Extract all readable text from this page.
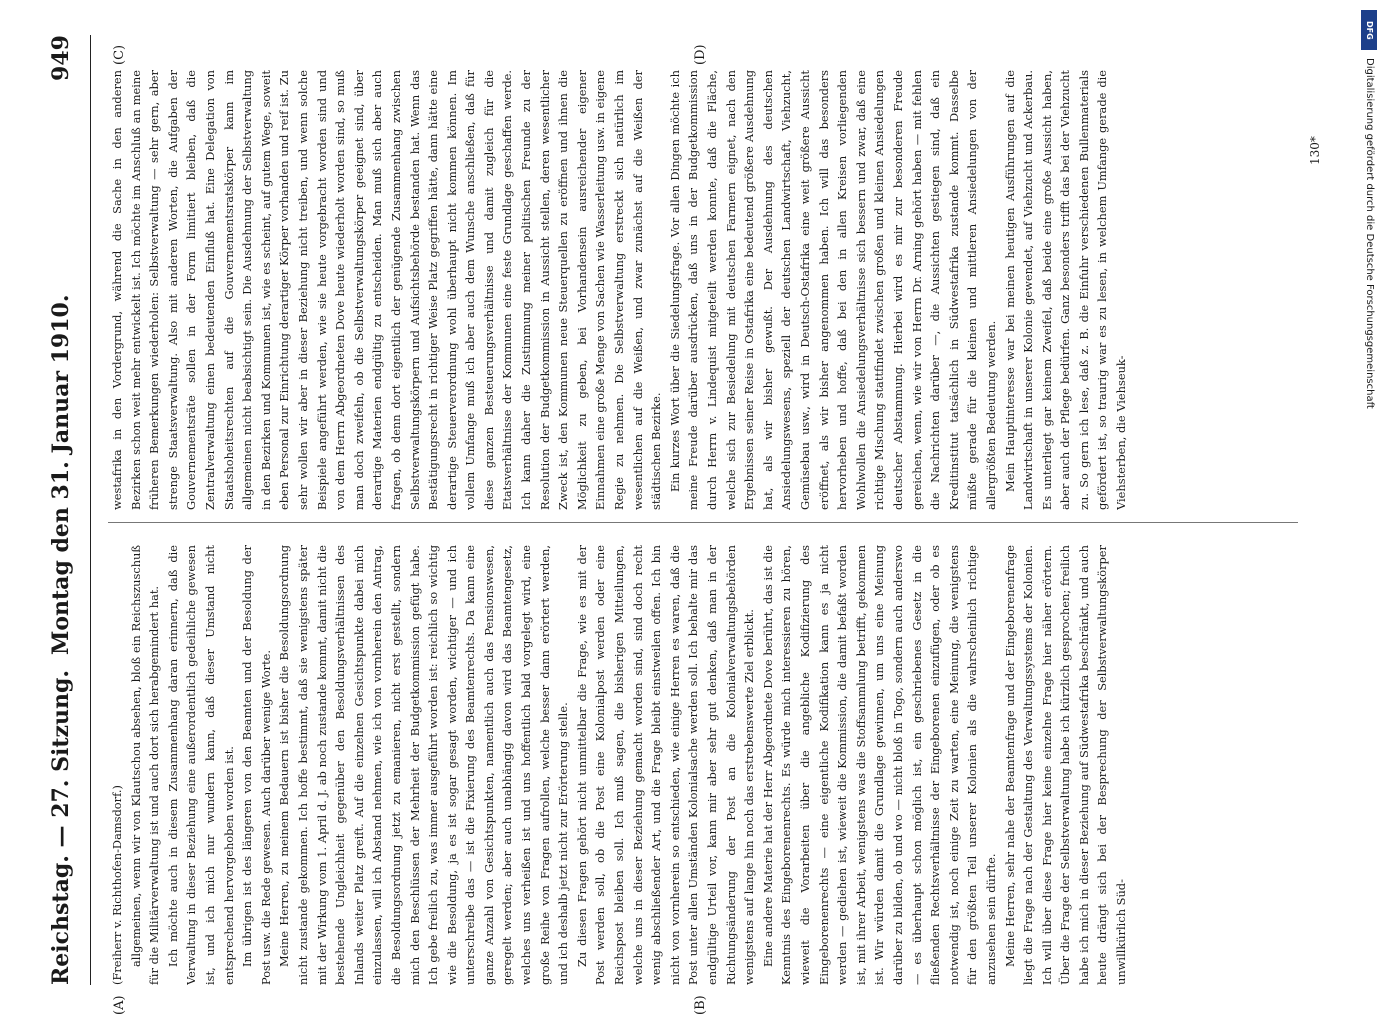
Reichstag. — 27. Sitzung.
Montag den 31. Januar 1910.
949

(Freiherr v. Richthofen-Damsdorf.) allgemeinen, wenn wir von Klautschou absehen, bloß ein Reichszuschuß für die Militärverwaltung ist und auch dort sich herabgemindert hat. Ich möchte auch in diesem Zusammenhang daran erinnern, daß die Verwaltung in dieser Beziehung eine außerordentlich gedeihliche gewesen ist, und ich mich nur wundern kann, daß dieser Umstand nicht entsprechend hervorgehoben worden ist. Im übrigen ist des längeren von den Beamten und der Besoldung der Post usw. die Rede gewesen. Auch darüber wenige Worte. Meine Herren, zu meinem Bedauern ist bisher die Besoldungsordnung nicht zustande gekommen. Ich hoffe bestimmt, daß sie wenigstens später mit der Wirkung vom 1. April d. J. ab noch zustande kommt, damit nicht die bestehende Ungleichheit gegenüber den Besoldungsverhältnissen des Inlands weiter Platz greift. Auf die einzelnen Gesichtspunkte dabei mich einzulassen, will ich Abstand nehmen, wie ich von vornherein den Antrag, die Besoldungsordnung jetzt zu emanieren, nicht erst gestellt, sondern mich den Beschlüssen der Mehrheit der Budgetkommission gefügt habe. Ich gebe freilich zu, was immer ausgeführt worden ist: reichlich so wichtig wie die Besoldung, ja es ist sogar gesagt worden, wichtiger — und ich unterschreibe das — ist die Fixierung des Beamtenrechts. Da kann eine ganze Anzahl von Gesichtspunkten, namentlich auch das Pensionswesen, geregelt werden; aber auch unabhängig davon wird das Beamtengesetz, welches uns verheißen ist und uns hoffentlich bald vorgelegt wird, eine große Reihe von Fragen aufrollen, welche besser dann erörtert werden, und ich deshalb jetzt nicht zur Erörterung stelle. Zu diesen Fragen gehört nicht unmittelbar die Frage, wie es mit der Post werden soll, ob die Post eine Kolonialpost werden oder eine Reichspost bleiben soll. Ich muß sagen, die bisherigen Mitteilungen, welche uns in dieser Beziehung gemacht worden sind, sind doch recht wenig abschließender Art, und die Frage bleibt einstweilen offen. Ich bin nicht von vornherein so entschieden, wie einige Herren es waren, daß die Post unter allen Umständen Kolonialsache werden soll. Ich behalte mir das endgültige Urteil vor, kann mir aber sehr gut denken, daß man in der Richtungsänderung der Post an die Kolonialverwaltungsbehörden wenigstens auf lange hin noch das erstrebenswerte Ziel erblickt. Eine andere Materie hat der Herr Abgeordnete Dove berührt, das ist die Kenntnis des Eingeborenenrechts. Es würde mich interessieren zu hören, wieweit die Vorarbeiten über die angebliche Kodifizierung des Eingeborenenrechts — eine eigentliche Kodifikation kann es ja nicht werden — gediehen ist, wieweit die Kommission, die damit befaßt worden ist, mit ihrer Arbeit, wenigstens was die Stoffsammlung betrifft, gekommen ist. Wir würden damit die Grundlage gewinnen, um uns eine Meinung darüber zu bilden, ob und wo — nicht bloß in Togo, sondern auch anderswo — es überhaupt schon möglich ist, ein geschriebenes Gesetz in die fließenden Rechtsverhältnisse der Eingeborenen einzufügen, oder ob es notwendig ist, noch einige Zeit zu warten, eine Meinung, die wenigstens für den größten Teil unserer Kolonien als die wahrscheinlich richtige anzusehen sein dürfte. Meine Herren, sehr nahe der Beamtenfrage und der Eingeborenenfrage liegt die Frage nach der Gestaltung des Verwaltungssystems der Kolonien. Ich will über diese Frage hier keine einzelne Frage hier näher erörtern. Über die Frage der Selbstverwaltung habe ich kürzlich gesprochen; freilich habe ich mich in dieser Beziehung auf Südwestafrika beschränkt, und auch heute drängt sich bei der Besprechung der Selbstverwaltungskörper unwillkürlich Süd-

westafrika in den Vordergrund, während die Sache in den anderen Bezirken schon weit mehr entwickelt ist. Ich möchte im Anschluß an meine früheren Bemerkungen wiederholen: Selbstverwaltung — sehr gern, aber strenge Staatsverwaltung. Also mit anderen Worten, die Aufgaben der Gouvernementsräte sollen in der Form limitiert bleiben, daß die Zentralverwaltung einen bedeutenden Einfluß hat. Eine Delegation von Staatshoheitsrechten auf die Gouvernementsratskörper kann im allgemeinen nicht beabsichtigt sein. Die Ausdehnung der Selbstverwaltung in den Bezirken und Kommunen ist, wie es scheint, auf gutem Wege, soweit eben Personal zur Einrichtung derartiger Körper vorhanden und reif ist. Zu sehr wollen wir aber in dieser Beziehung nicht treiben, und wenn solche Beispiele angeführt werden, wie sie heute vorgebracht worden sind und von dem Herrn Abgeordneten Dove heute wiederholt worden sind, so muß man doch zweifeln, ob die Selbstverwaltungskörper geeignet sind, über derartige Materien endgültig zu entscheiden. Man muß sich aber auch fragen, ob denn dort eigentlich der genügende Zusammenhang zwischen Selbstverwaltungskörpern und Aufsichtsbehörde bestanden hat. Wenn das Bestätigungsrecht in richtiger Weise Platz gegriffen hätte, dann hätte eine derartige Steuerverordnung wohl überhaupt nicht kommen können. Im vollem Umfange muß ich aber auch dem Wunsche anschließen, daß für diese ganzen Besteuerungsverhältnisse und damit zugleich für die Etatsverhältnisse der Kommunen eine feste Grundlage geschaffen werde. Ich kann daher die Zustimmung meiner politischen Freunde zu der Resolution der Budgetkommission in Aussicht stellen, deren wesentlicher Zweck ist, den Kommunen neue Steuerquellen zu eröffnen und ihnen die Möglichkeit zu geben, bei Vorhandensein ausreichender eigener Einnahmen eine große Menge von Sachen wie Wasserleitung usw. in eigene Regie zu nehmen. Die Selbstverwaltung erstreckt sich natürlich im wesentlichen auf die Weißen, und zwar zunächst auf die Weißen der städtischen Bezirke. Ein kurzes Wort über die Siedelungsfrage. Vor allen Dingen möchte ich meine Freude darüber ausdrücken, daß uns in der Budgetkommission durch Herrn v. Lindequist mitgeteilt werden konnte, daß die Fläche, welche sich zur Besiedelung mit deutschen Farmern eignet, nach den Ergebnissen seiner Reise in Ostafrika eine bedeutend größere Ausdehnung hat, als wir bisher gewußt. Der Ausdehnung des deutschen Ansiedelungswesens, speziell der deutschen Landwirtschaft, Viehzucht, Gemüsebau usw., wird in Deutsch-Ostafrika eine weit größere Aussicht eröffnet, als wir bisher angenommen haben. Ich will das besonders hervorheben und hoffe, daß bei den in allen Kreisen vorliegenden Wohlwollen die Ansiedelungsverhältnisse sich bessern und zwar, daß eine richtige Mischung stattfindet zwischen großen und kleinen Ansiedelungen deutscher Abstammung. Hierbei wird es mir zur besonderen Freude gereichen, wenn, wie wir von Herrn Dr. Arning gehört haben — mit fehlen die Nachrichten darüber —, die Aussichten gestiegen sind, daß ein Kreditinstitut tatsächlich in Südwestafrika zustande kommt. Dasselbe müßte gerade für die kleinen und mittleren Ansiedelungen von der allergrößten Bedeutung werden. Mein Hauptinteresse war bei meinen heutigen Ausführungen auf die Landwirtschaft in unserer Kolonie gewendet, auf Viehzucht und Ackerbau. Es unterliegt gar keinem Zweifel, daß beide eine große Aussicht haben, aber auch der Pflege bedürfen. Ganz besonders trifft das bei der Viehzucht zu. So gern ich lese, daß z. B. die Einfuhr verschiedenen Bullenmaterials gefördert ist, so traurig war es zu lesen, in welchem Umfange gerade die Viehsterben, die Viehseuk-

(A)	(B)
(C)	(D)
130*
DFG
Digitalisierung gefördert durch die Deutsche Forschungsgemeinschaft
